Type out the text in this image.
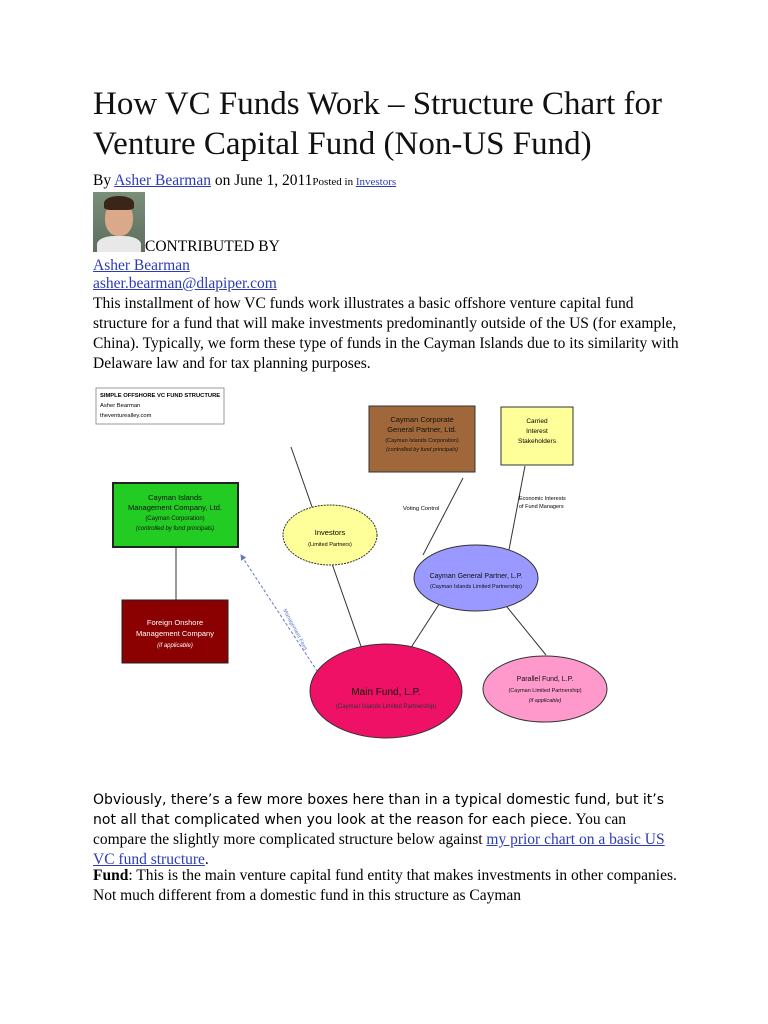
How VC Funds Work – Structure Chart for Venture Capital Fund (Non-US Fund)
By Asher Bearman on June 1, 2011Posted in Investors
CONTRIBUTED BY
Asher Bearman
asher.bearman@dlapiper.com

This installment of how VC funds work illustrates a basic offshore venture capital fund structure for a fund that will make investments predominantly outside of the US (for example, China). Typically, we form these type of funds in the Cayman Islands due to its similarity with Delaware law and for tax planning purposes.

SIMPLE OFFSHORE VC FUND STRUCTURE
Asher Bearman
theventurealley.com	Cayman Corporate
General Partner, Ltd.
(Cayman Islands Corporation)
(controlled by fund principals)
Carried
Interest
Stakeholders
Cayman Islands
Management Company, Ltd.
(Cayman Corporation)
(controlled by fund principals)	Investors
(Limited Partners)
Voting Control
Economic Interests
of Fund Managers
Cayman General Partner, L.P.
(Cayman Islands Limited Partnership)
Foreign Onshore
Management Company
(if applicable)	Management Fees
Main Fund, L.P.
(Cayman Islands Limited Partnership)
Parallel Fund, L.P.
(Cayman Limited Partnership)
(if applicable)

Obviously, there’s a few more boxes here than in a typical domestic fund, but it’s not all that complicated when you look at the reason for each piece. You can compare the slightly more complicated structure below against my prior chart on a basic US VC fund structure.

Fund: This is the main venture capital fund entity that makes investments in other companies. Not much different from a domestic fund in this structure as Cayman
